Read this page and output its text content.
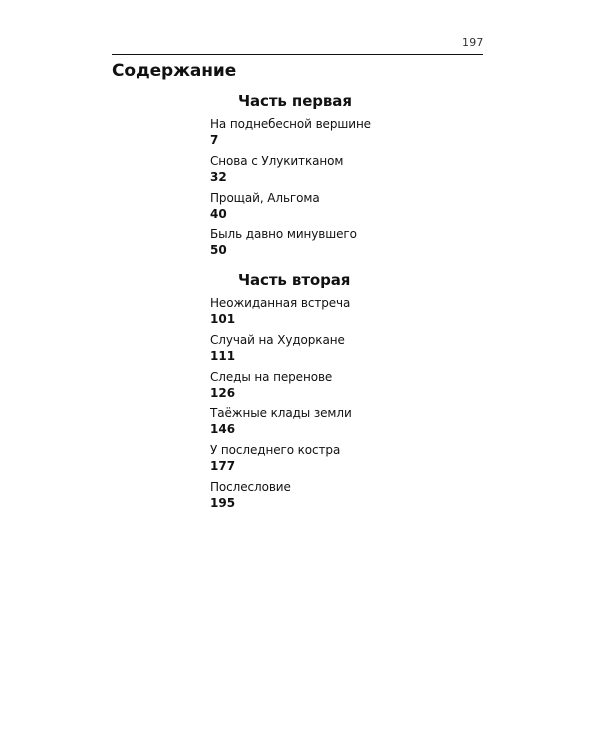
197
Содержание
Часть первая
На поднебесной вершине
7
Снова с Улукитканом
32
Прощай, Альгома
40
Быль давно минувшего
50
Часть вторая
Неожиданная встреча
101
Случай на Худоркане
111
Следы на перенове
126
Таёжные клады земли
146
У последнего костра
177
Послесловие
195
